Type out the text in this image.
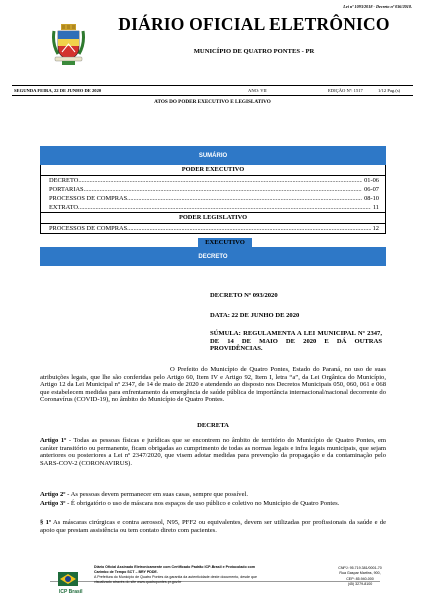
Lei nº 1093/2018 - Decreto nº 036/2018.
DIÁRIO OFICIAL ELETRÔNICO
MUNICÍPIO DE QUATRO PONTES - PR
SEGUNDA FEIRA, 22 DE JUNHO DE 2020	ANO: VII	EDIÇÃO Nº: 1517	1/12 Pag.(s)
ATOS DO PODER EXECUTIVO E LEGISLATIVO
SUMÁRIO
PODER EXECUTIVO
DECRETO .....	01-06
PORTARIAS .....	06-07
PROCESSOS DE COMPRAS .....	08-10
EXTRATO .....	11
PODER LEGISLATIVO
PROCESSOS DE COMPRAS .....	12
EXECUTIVO
DECRETO
DECRETO Nº 093/2020
DATA: 22 DE JUNHO DE 2020
SÚMULA: REGULAMENTA A LEI MUNICIPAL Nº 2347, DE 14 DE MAIO DE 2020 E DÁ OUTRAS PROVIDÊNCIAS.
O Prefeito do Município de Quatro Pontes, Estado do Paraná, no uso de suas atribuições legais, que lhe são conferidas pelo Artigo 60, Item IV e Artigo 92, Item I, letra “a”, da Lei Orgânica do Município, Artigo 12 da Lei Municipal nº 2347, de 14 de maio de 2020 e atendendo ao disposto nos Decretos Municipais 050, 060, 061 e 068 que estabelecem medidas para enfrentamento da emergência de saúde pública de importância internacional/nacional decorrente do Coronavírus (COVID-19), no âmbito do Município de Quatro Pontes.
DECRETA
Artigo 1º - Todas as pessoas físicas e jurídicas que se encontrem no âmbito de território do Município de Quatro Pontes, em caráter transitório ou permanente, ficam obrigadas ao cumprimento de todas as normas legais e infra legais municipais, que sejam anteriores ou posteriores a Lei nº 2347/2020, que visem adotar medidas para prevenção da propagação e da contaminação pelo SARS-COV-2 (CORONAVIRUS).
Artigo 2º - As pessoas devem permanecer em suas casas, sempre que possível.
Artigo 3º - É obrigatório o uso de máscara nos espaços de uso público e coletivo no Município de Quatro Pontes.
§ 1º As máscaras cirúrgicas e contra aerossol, N95, PFF2 ou equivalentes, devem ser utilizadas por profissionais da saúde e de apoio que prestam assistência ou tem contato direto com pacientes.
ICP Brasil
Diário Oficial Assinado Eletronicamente com Certificado Padrão ICP-Brasil e Protocolado com Carimbo de Tempo SCT – BRY PDDE.
A Prefeitura do Município de Quatro Pontes da garantia da autenticidade deste documento, desde que visualizado através do site www.quatropontes.pr.gov.br
CNPJ: 95.719.381/0001-70
Rua Gaspar Martins, 900,
CEP: 85.940-000
(45) 3279-8100
